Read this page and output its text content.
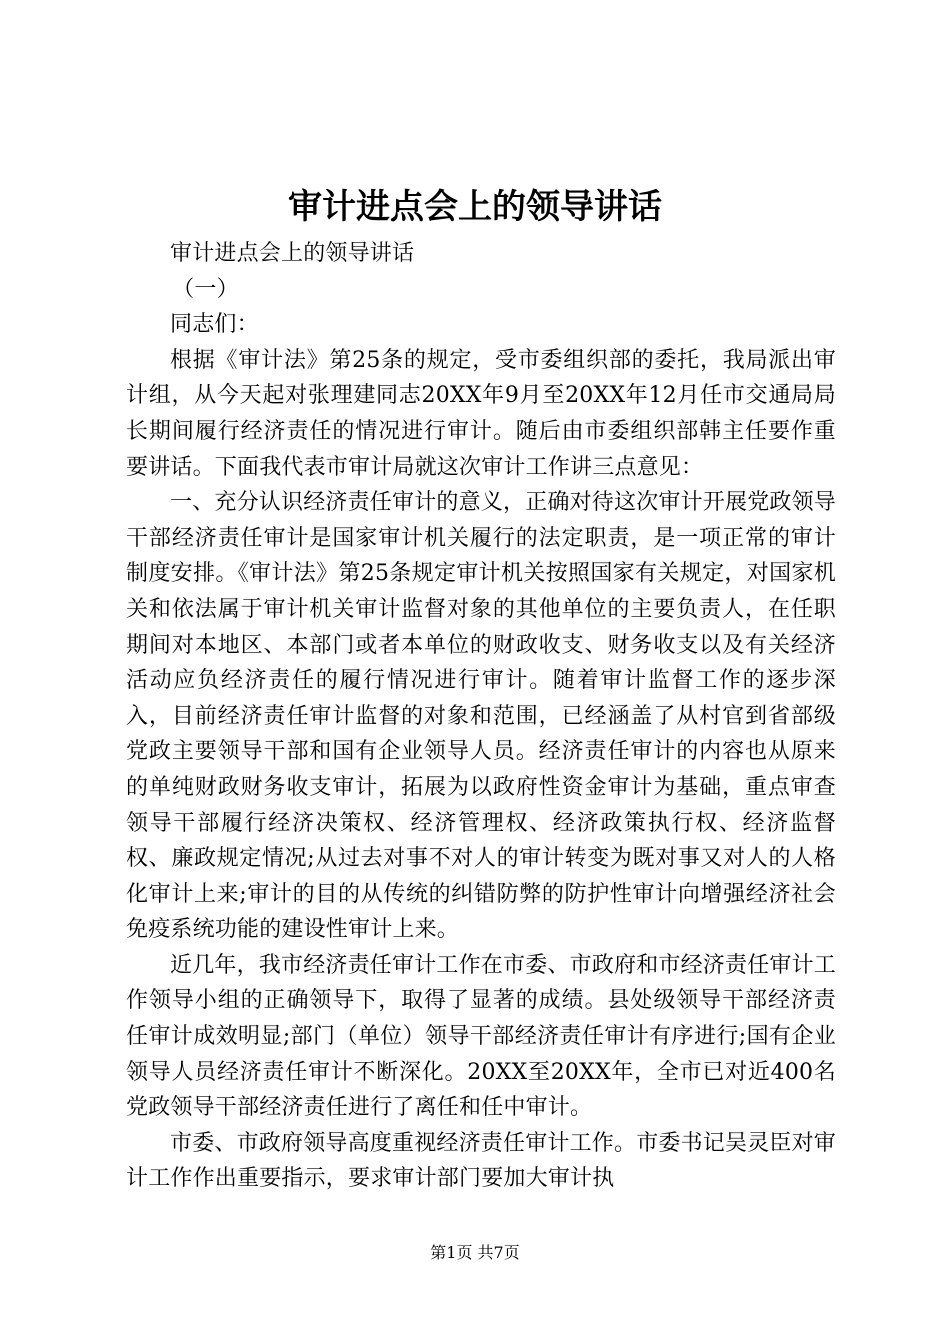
审计进点会上的领导讲话

审计进点会上的领导讲话

（一）

同志们：

根据《审计法》第25条的规定，受市委组织部的委托，我局派出审计组，从今天起对张理建同志20XX年9月至20XX年12月任市交通局局长期间履行经济责任的情况进行审计。随后由市委组织部韩主任要作重要讲话。下面我代表市审计局就这次审计工作讲三点意见：

一、充分认识经济责任审计的意义，正确对待这次审计开展党政领导干部经济责任审计是国家审计机关履行的法定职责，是一项正常的审计制度安排。《审计法》第25条规定审计机关按照国家有关规定，对国家机关和依法属于审计机关审计监督对象的其他单位的主要负责人，在任职期间对本地区、本部门或者本单位的财政收支、财务收支以及有关经济活动应负经济责任的履行情况进行审计。随着审计监督工作的逐步深入，目前经济责任审计监督的对象和范围，已经涵盖了从村官到省部级党政主要领导干部和国有企业领导人员。经济责任审计的内容也从原来的单纯财政财务收支审计，拓展为以政府性资金审计为基础，重点审查领导干部履行经济决策权、经济管理权、经济政策执行权、经济监督权、廉政规定情况;从过去对事不对人的审计转变为既对事又对人的人格化审计上来;审计的目的从传统的纠错防弊的防护性审计向增强经济社会免疫系统功能的建设性审计上来。

近几年，我市经济责任审计工作在市委、市政府和市经济责任审计工作领导小组的正确领导下，取得了显著的成绩。县处级领导干部经济责任审计成效明显;部门（单位）领导干部经济责任审计有序进行;国有企业领导人员经济责任审计不断深化。20XX至20XX年，全市已对近400名党政领导干部经济责任进行了离任和任中审计。

市委、市政府领导高度重视经济责任审计工作。市委书记吴灵臣对审计工作作出重要指示，要求审计部门要加大审计执

第1页 共7页
